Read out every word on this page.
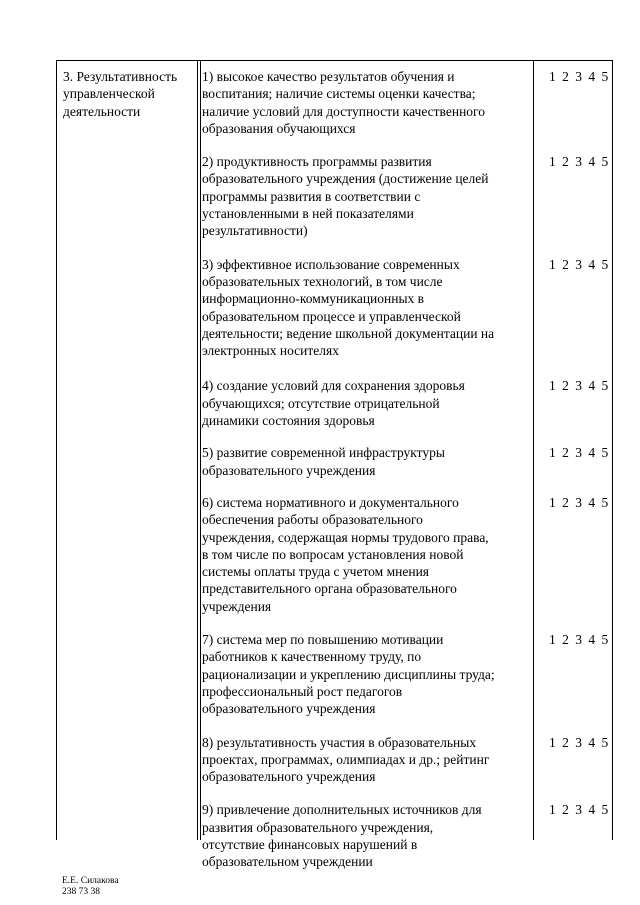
3. Результативность
управленческой
деятельности
1) высокое качество результатов обучения и
воспитания; наличие системы оценки качества;
наличие условий для доступности качественного
образования обучающихся
1 2 3 4 5
2) продуктивность программы развития
образовательного учреждения (достижение целей
программы развития в соответствии с
установленными в ней показателями
результативности)
1 2 3 4 5
3) эффективное использование современных
образовательных технологий, в том числе
информационно-коммуникационных в
образовательном процессе и управленческой
деятельности; ведение школьной документации на
электронных носителях
1 2 3 4 5
4) создание условий для сохранения здоровья
обучающихся; отсутствие отрицательной
динамики состояния здоровья
1 2 3 4 5
5) развитие современной инфраструктуры
образовательного учреждения
1 2 3 4 5
6) система нормативного и документального
обеспечения работы образовательного
учреждения, содержащая нормы трудового права,
в том числе по вопросам установления новой
системы оплаты труда с учетом мнения
представительного органа образовательного
учреждения
1 2 3 4 5
7) система мер по повышению мотивации
работников к качественному труду, по
рационализации и укреплению дисциплины труда;
профессиональный рост педагогов
образовательного учреждения
1 2 3 4 5
8) результативность участия в образовательных
проектах, программах, олимпиадах и др.; рейтинг
образовательного учреждения
1 2 3 4 5
9) привлечение дополнительных источников для
развития образовательного учреждения,
отсутствие финансовых нарушений в
образовательном учреждении
1 2 3 4 5
Е.Е. Силакова
238 73 38
